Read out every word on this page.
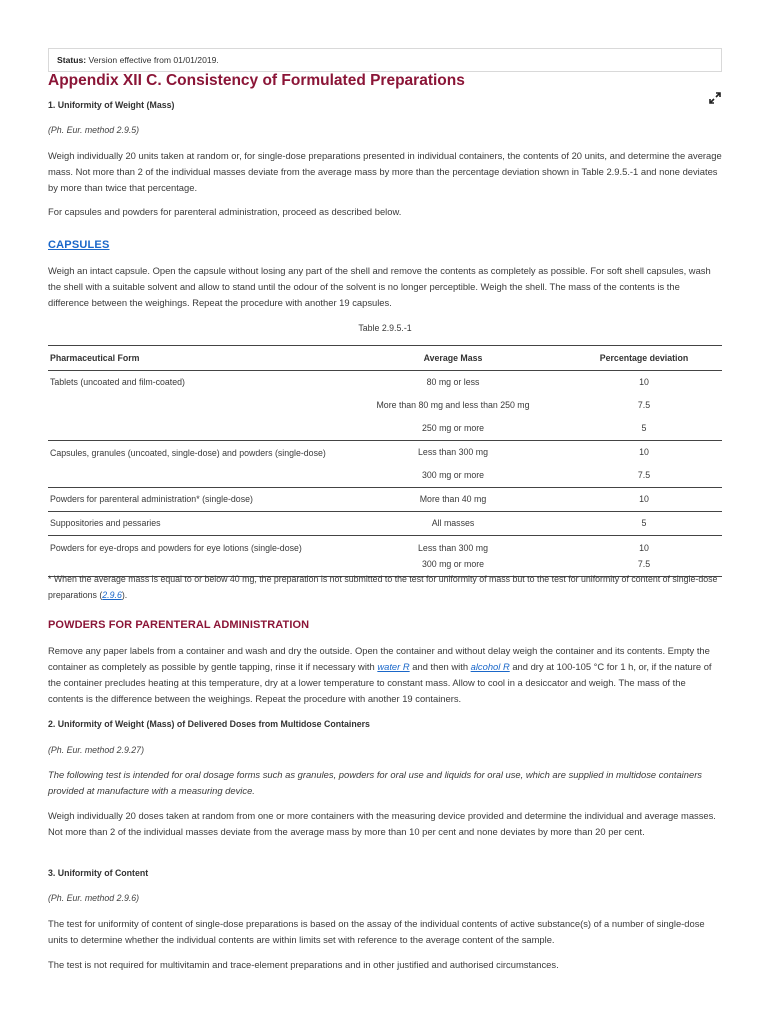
Status: Version effective from 01/01/2019.
Appendix XII C. Consistency of Formulated Preparations
1. Uniformity of Weight (Mass)
(Ph. Eur. method 2.9.5)

Weigh individually 20 units taken at random or, for single-dose preparations presented in individual containers, the contents of 20 units, and determine the average mass. Not more than 2 of the individual masses deviate from the average mass by more than the percentage deviation shown in Table 2.9.5.-1 and none deviates by more than twice that percentage.

For capsules and powders for parenteral administration, proceed as described below.

CAPSULES

Weigh an intact capsule. Open the capsule without losing any part of the shell and remove the contents as completely as possible. For soft shell capsules, wash the shell with a suitable solvent and allow to stand until the odour of the solvent is no longer perceptible. Weigh the shell. The mass of the contents is the difference between the weighings. Repeat the procedure with another 19 capsules.

Table 2.9.5.-1
Pharmaceutical Form	Average Mass	Percentage deviation
Tablets (uncoated and film-coated)	80 mg or less	10
	More than 80 mg and less than 250 mg	7.5
	250 mg or more	5
Capsules, granules (uncoated, single-dose) and powders (single-dose)	Less than 300 mg	10
	300 mg or more	7.5
Powders for parenteral administration* (single-dose)	More than 40 mg	10
Suppositories and pessaries	All masses	5
Powders for eye-drops and powders for eye lotions (single-dose)	Less than 300 mg	10
	300 mg or more	7.5

* When the average mass is equal to or below 40 mg, the preparation is not submitted to the test for uniformity of mass but to the test for uniformity of content of single-dose preparations (2.9.6).

POWDERS FOR PARENTERAL ADMINISTRATION

Remove any paper labels from a container and wash and dry the outside. Open the container and without delay weigh the container and its contents. Empty the container as completely as possible by gentle tapping, rinse it if necessary with water R and then with alcohol R and dry at 100-105 °C for 1 h, or, if the nature of the container precludes heating at this temperature, dry at a lower temperature to constant mass. Allow to cool in a desiccator and weigh. The mass of the contents is the difference between the weighings. Repeat the procedure with another 19 containers.

2. Uniformity of Weight (Mass) of Delivered Doses from Multidose Containers
(Ph. Eur. method 2.9.27)

The following test is intended for oral dosage forms such as granules, powders for oral use and liquids for oral use, which are supplied in multidose containers provided at manufacture with a measuring device.

Weigh individually 20 doses taken at random from one or more containers with the measuring device provided and determine the individual and average masses. Not more than 2 of the individual masses deviate from the average mass by more than 10 per cent and none deviates by more than 20 per cent.

3. Uniformity of Content
(Ph. Eur. method 2.9.6)

The test for uniformity of content of single-dose preparations is based on the assay of the individual contents of active substance(s) of a number of single-dose units to determine whether the individual contents are within limits set with reference to the average content of the sample.

The test is not required for multivitamin and trace-element preparations and in other justified and authorised circumstances.
